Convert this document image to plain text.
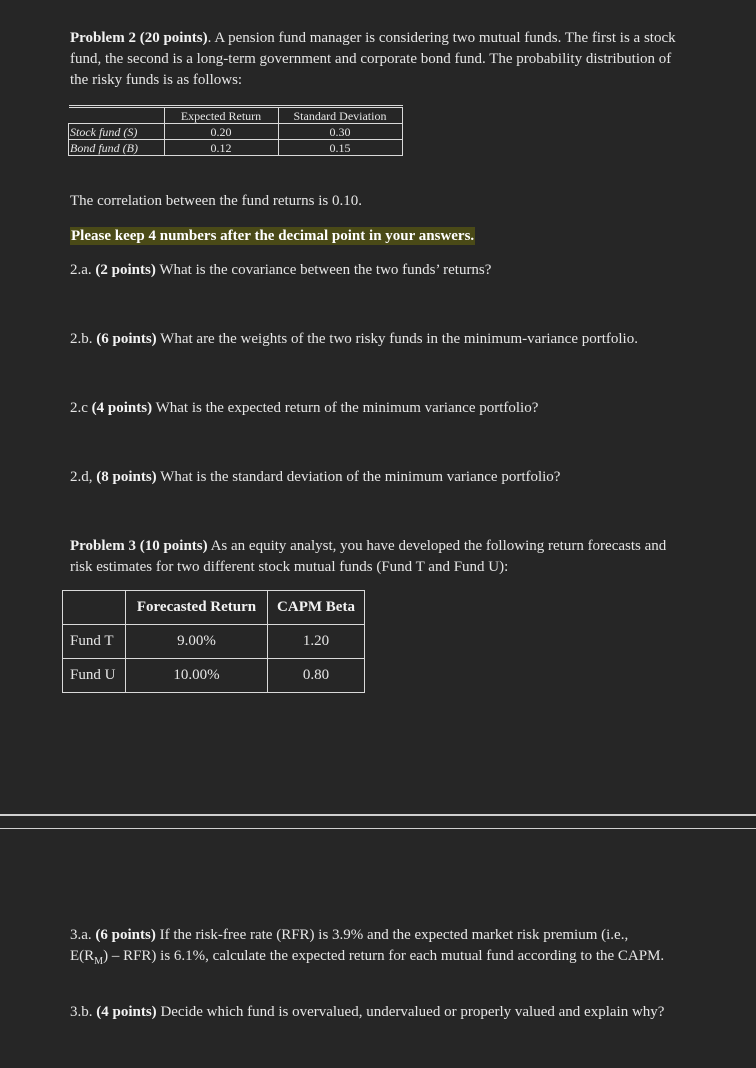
Problem 2 (20 points). A pension fund manager is considering two mutual funds. The first is a stock fund, the second is a long-term government and corporate bond fund. The probability distribution of the risky funds is as follows:

	Expected Return	Standard Deviation
Stock fund (S)	0.20	0.30
Bond fund (B)	0.12	0.15
The correlation between the fund returns is 0.10.
Please keep 4 numbers after the decimal point in your answers.
2.a. (2 points) What is the covariance between the two funds’ returns?
2.b. (6 points) What are the weights of the two risky funds in the minimum-variance portfolio.
2.c (4 points) What is the expected return of the minimum variance portfolio?
2.d, (8 points) What is the standard deviation of the minimum variance portfolio?
Problem 3 (10 points) As an equity analyst, you have developed the following return forecasts and risk estimates for two different stock mutual funds (Fund T and Fund U):
	Forecasted Return	CAPM Beta
Fund T	9.00%	1.20
Fund U	10.00%	0.80
3.a. (6 points) If the risk-free rate (RFR) is 3.9% and the expected market risk premium (i.e., $E(R_M) - RFR$) is 6.1%, calculate the expected return for each mutual fund according to the CAPM.
3.b. (4 points) Decide which fund is overvalued, undervalued or properly valued and explain why?
